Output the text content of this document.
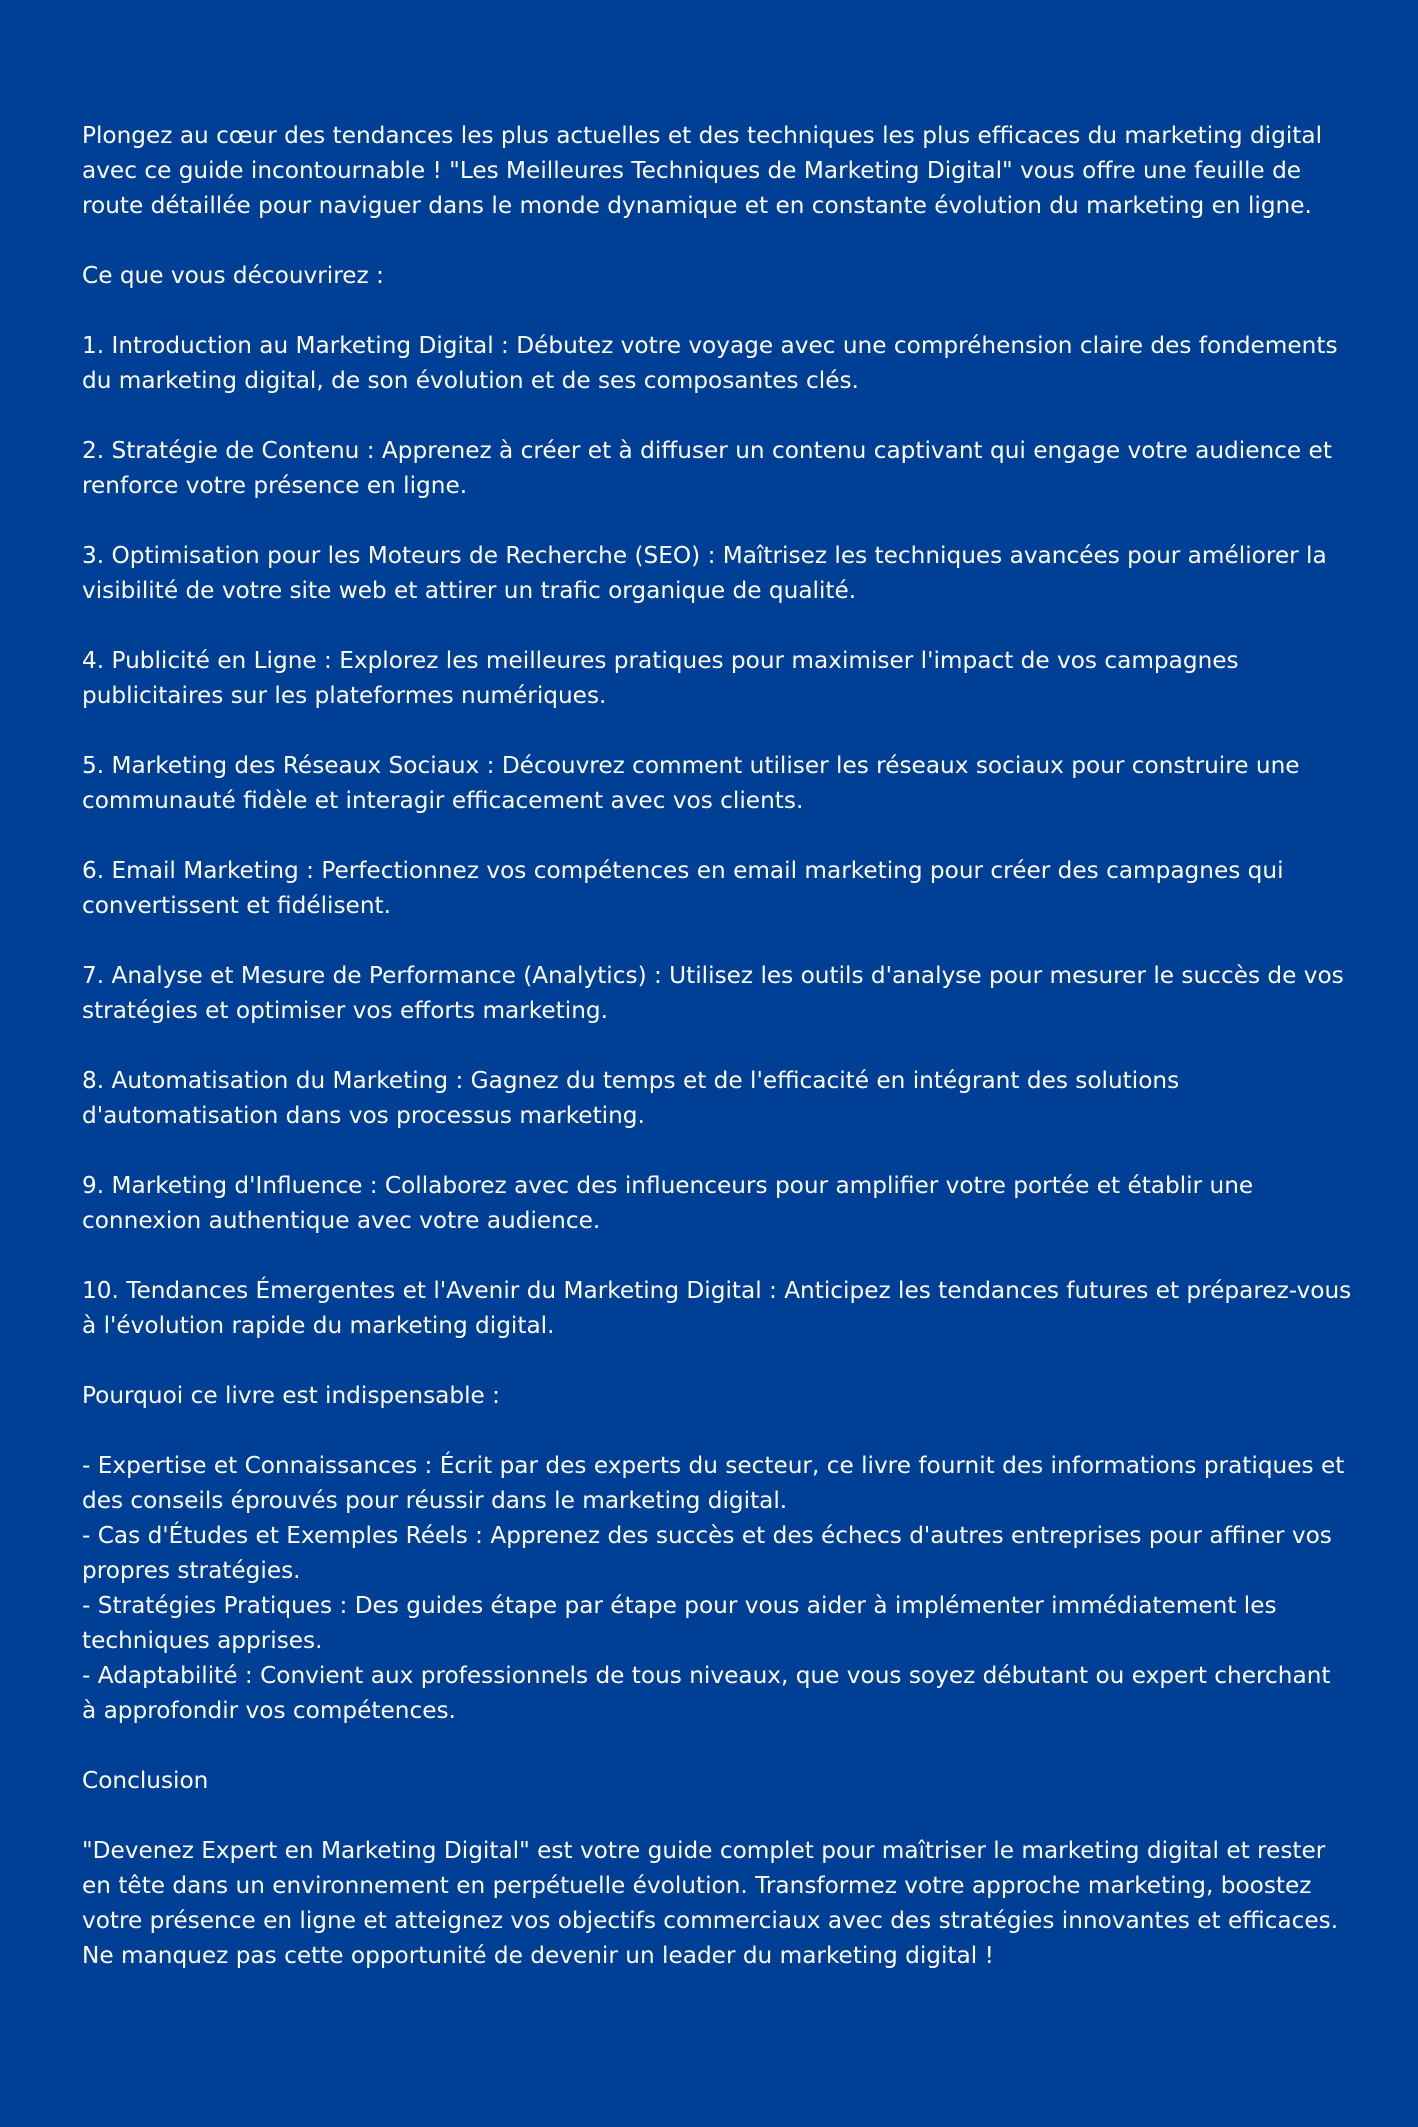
Plongez au cœur des tendances les plus actuelles et des techniques les plus efficaces du marketing digital avec ce guide incontournable ! "Les Meilleures Techniques de Marketing Digital" vous offre une feuille de route détaillée pour naviguer dans le monde dynamique et en constante évolution du marketing en ligne.

Ce que vous découvrirez :

1. Introduction au Marketing Digital : Débutez votre voyage avec une compréhension claire des fondements du marketing digital, de son évolution et de ses composantes clés.

2. Stratégie de Contenu : Apprenez à créer et à diffuser un contenu captivant qui engage votre audience et renforce votre présence en ligne.

3. Optimisation pour les Moteurs de Recherche (SEO) : Maîtrisez les techniques avancées pour améliorer la visibilité de votre site web et attirer un trafic organique de qualité.

4. Publicité en Ligne : Explorez les meilleures pratiques pour maximiser l'impact de vos campagnes publicitaires sur les plateformes numériques.

5. Marketing des Réseaux Sociaux : Découvrez comment utiliser les réseaux sociaux pour construire une communauté fidèle et interagir efficacement avec vos clients.

6. Email Marketing : Perfectionnez vos compétences en email marketing pour créer des campagnes qui convertissent et fidélisent.

7. Analyse et Mesure de Performance (Analytics) : Utilisez les outils d'analyse pour mesurer le succès de vos stratégies et optimiser vos efforts marketing.

8. Automatisation du Marketing : Gagnez du temps et de l'efficacité en intégrant des solutions d'automatisation dans vos processus marketing.

9. Marketing d'Influence : Collaborez avec des influenceurs pour amplifier votre portée et établir une connexion authentique avec votre audience.

10. Tendances Émergentes et l'Avenir du Marketing Digital : Anticipez les tendances futures et préparez-vous à l'évolution rapide du marketing digital.

Pourquoi ce livre est indispensable :

- Expertise et Connaissances : Écrit par des experts du secteur, ce livre fournit des informations pratiques et des conseils éprouvés pour réussir dans le marketing digital.
- Cas d'Études et Exemples Réels : Apprenez des succès et des échecs d'autres entreprises pour affiner vos propres stratégies.
- Stratégies Pratiques : Des guides étape par étape pour vous aider à implémenter immédiatement les techniques apprises.
- Adaptabilité : Convient aux professionnels de tous niveaux, que vous soyez débutant ou expert cherchant à approfondir vos compétences.

Conclusion

"Devenez Expert en Marketing Digital" est votre guide complet pour maîtriser le marketing digital et rester en tête dans un environnement en perpétuelle évolution. Transformez votre approche marketing, boostez votre présence en ligne et atteignez vos objectifs commerciaux avec des stratégies innovantes et efficaces. Ne manquez pas cette opportunité de devenir un leader du marketing digital !
